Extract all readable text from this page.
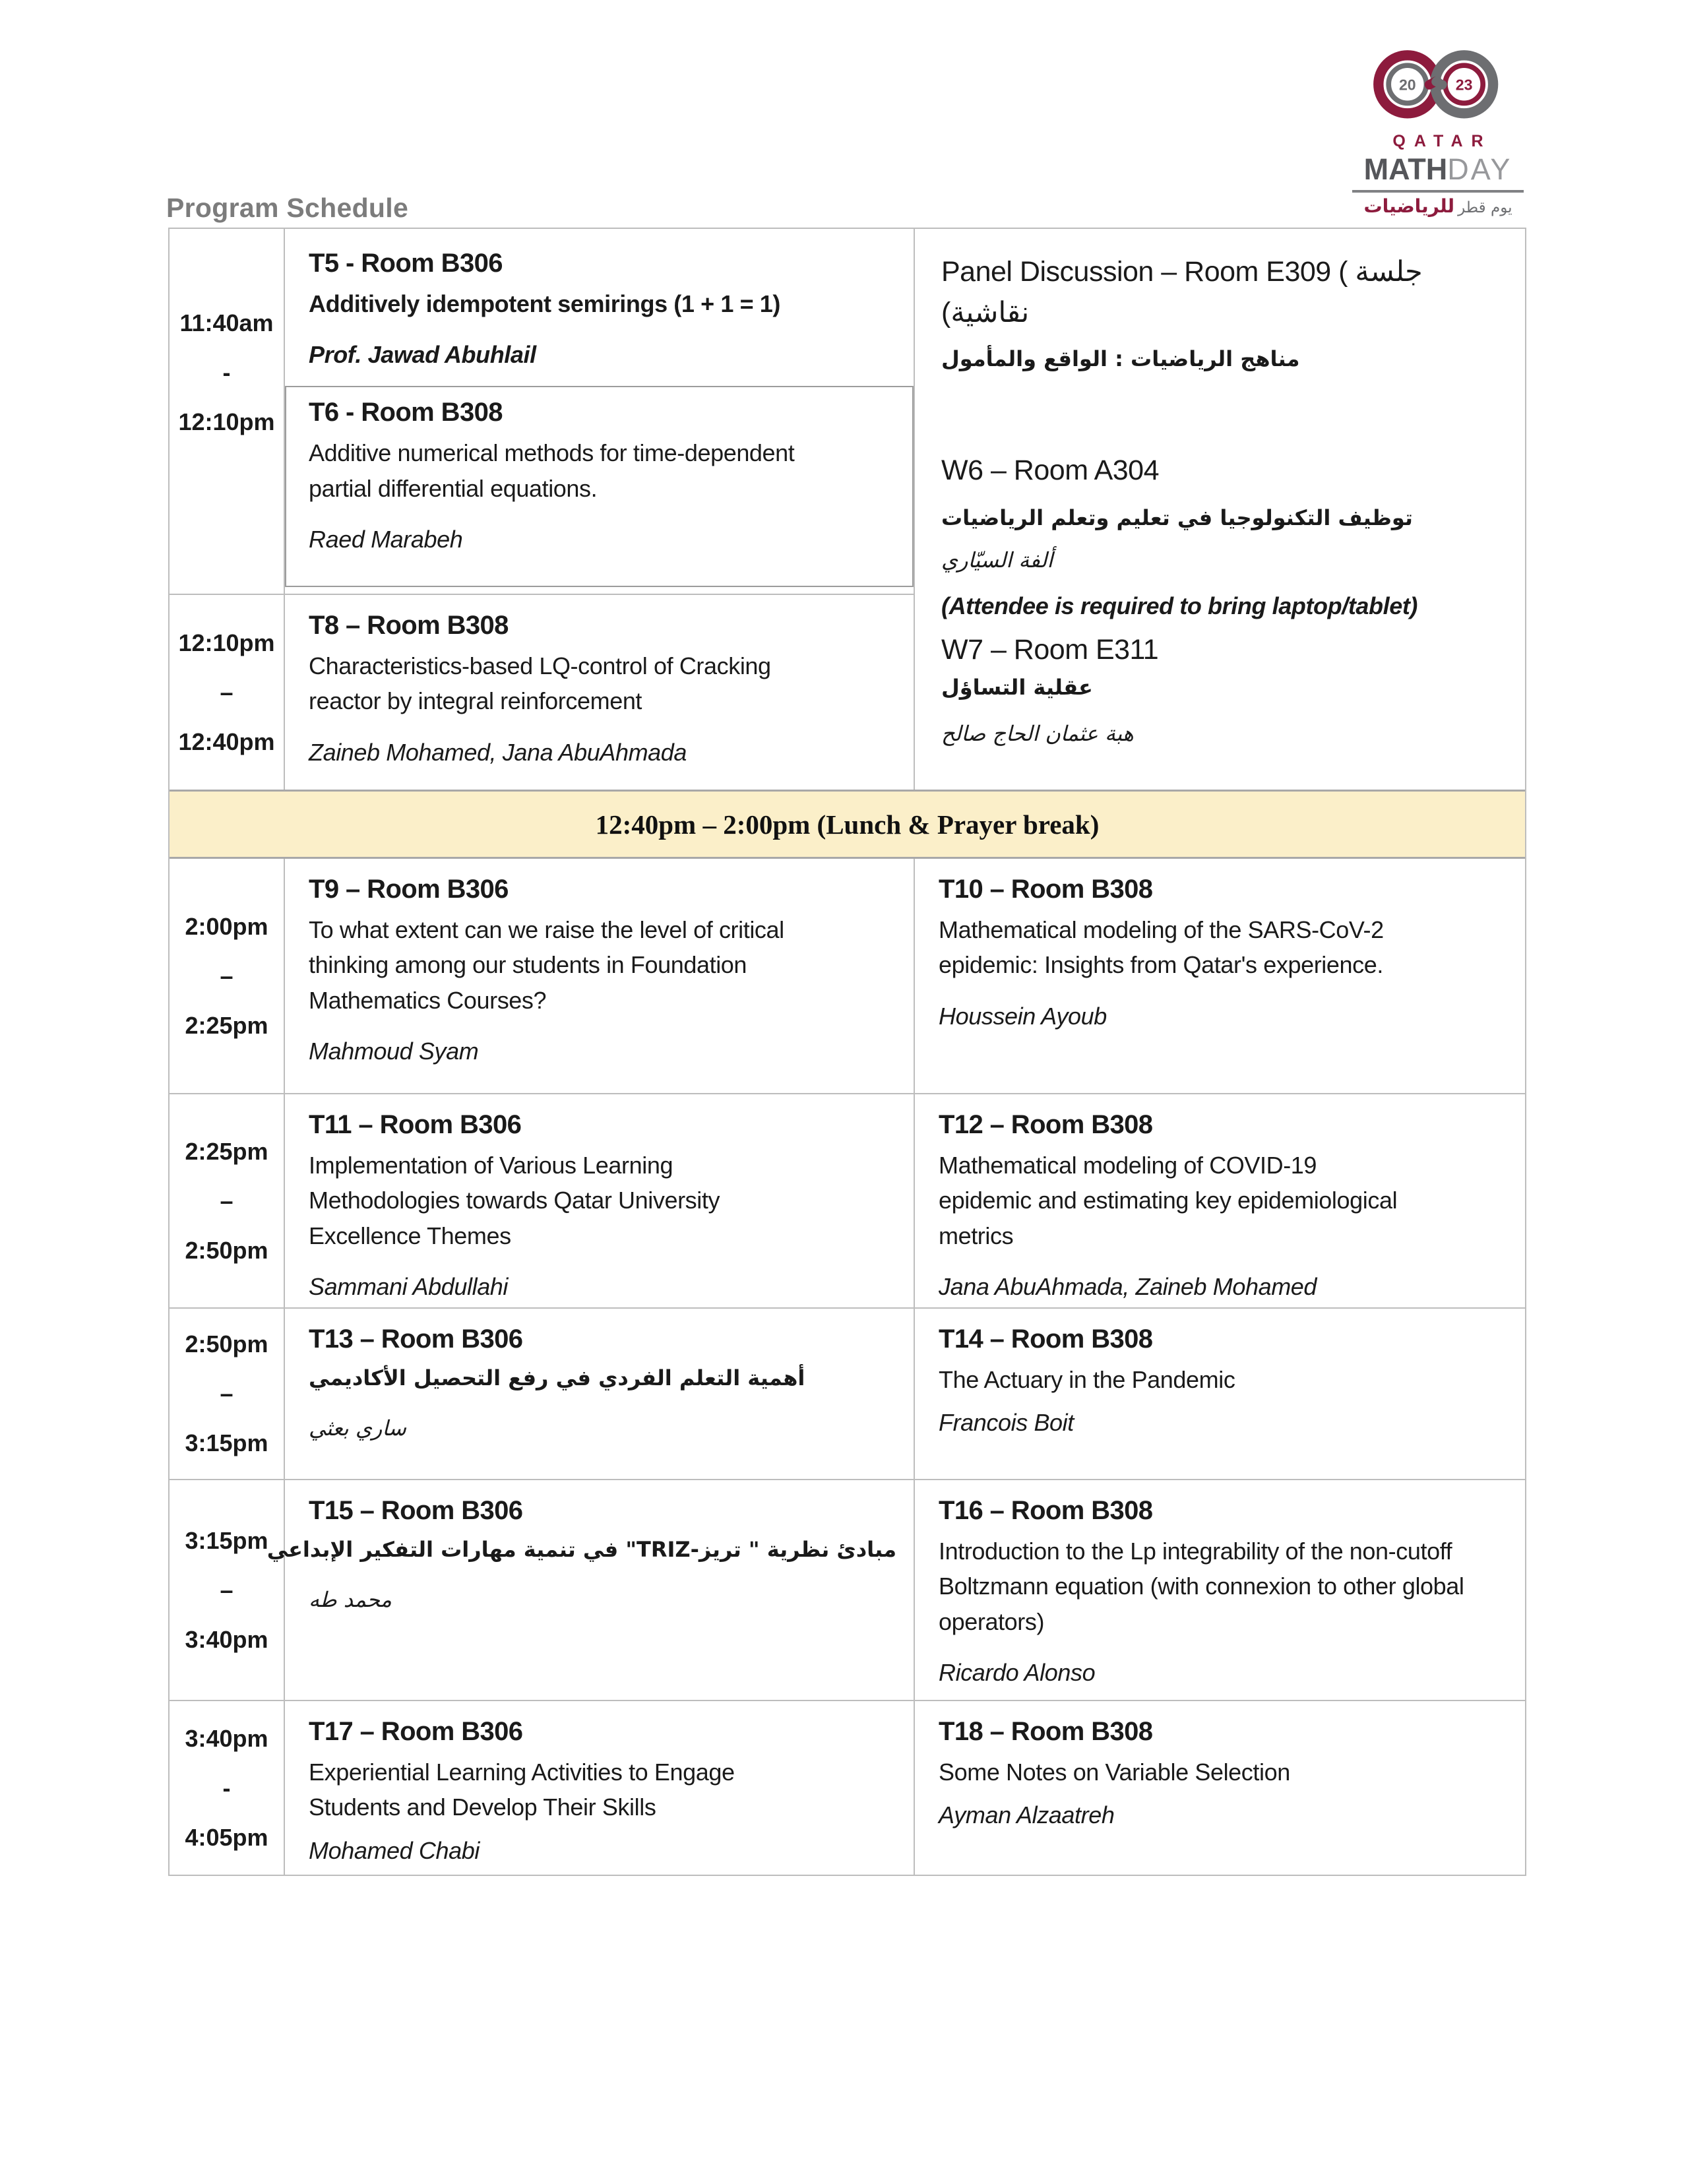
20	23
QATAR
MATHDAY
يوم قطر للرياضيات
Program Schedule
11:40am
-
12:10pm
T5 - Room B306
Additively idempotent semirings (1 + 1 = 1)
Prof. Jawad Abuhlail
T6 - Room B308
Additive numerical methods for time-dependent partial differential equations.
Raed Marabeh
Panel Discussion – Room E309 ( جلسة
(نقاشية
مناهج الرياضيات : الواقع والمأمول
W6 – Room A304
توظيف التكنولوجيا في تعليم وتعلم الرياضيات
ألفة السيّاري
(Attendee is required to bring laptop/tablet)
W7 – Room E311
عقلية التساؤل
هبة عثمان الحاج صالح
12:10pm
–
12:40pm
T8 – Room B308
Characteristics-based LQ-control of Cracking reactor by integral reinforcement
Zaineb Mohamed, Jana AbuAhmada
12:40pm – 2:00pm (Lunch & Prayer break)
2:00pm
–
2:25pm
T9 – Room B306
To what extent can we raise the level of critical thinking among our students in Foundation Mathematics Courses?
Mahmoud Syam
T10 – Room B308
Mathematical modeling of the SARS-CoV-2 epidemic: Insights from Qatar's experience.
Houssein Ayoub
2:25pm
–
2:50pm
T11 – Room B306
Implementation of Various Learning Methodologies towards Qatar University Excellence Themes
Sammani Abdullahi
T12 – Room B308
Mathematical modeling of COVID-19 epidemic and estimating key epidemiological metrics
Jana AbuAhmada, Zaineb Mohamed
2:50pm
–
3:15pm
T13 – Room B306
أهمية التعلم الفردي في رفع التحصيل الأكاديمي
ساري بعثي
T14 – Room B308
The Actuary in the Pandemic
Francois Boit
3:15pm
–
3:40pm
T15 – Room B306
مبادئ نظرية " تريز-TRIZ" في تنمية مهارات التفكير الإبداعي
محمد طه
T16 – Room B308
Introduction to the Lp integrability of the non-cutoff Boltzmann equation (with connexion to other global operators)
Ricardo Alonso
3:40pm
-
4:05pm
T17 – Room B306
Experiential Learning Activities to Engage Students and Develop Their Skills
Mohamed Chabi
T18 – Room B308
Some Notes on Variable Selection
Ayman Alzaatreh
